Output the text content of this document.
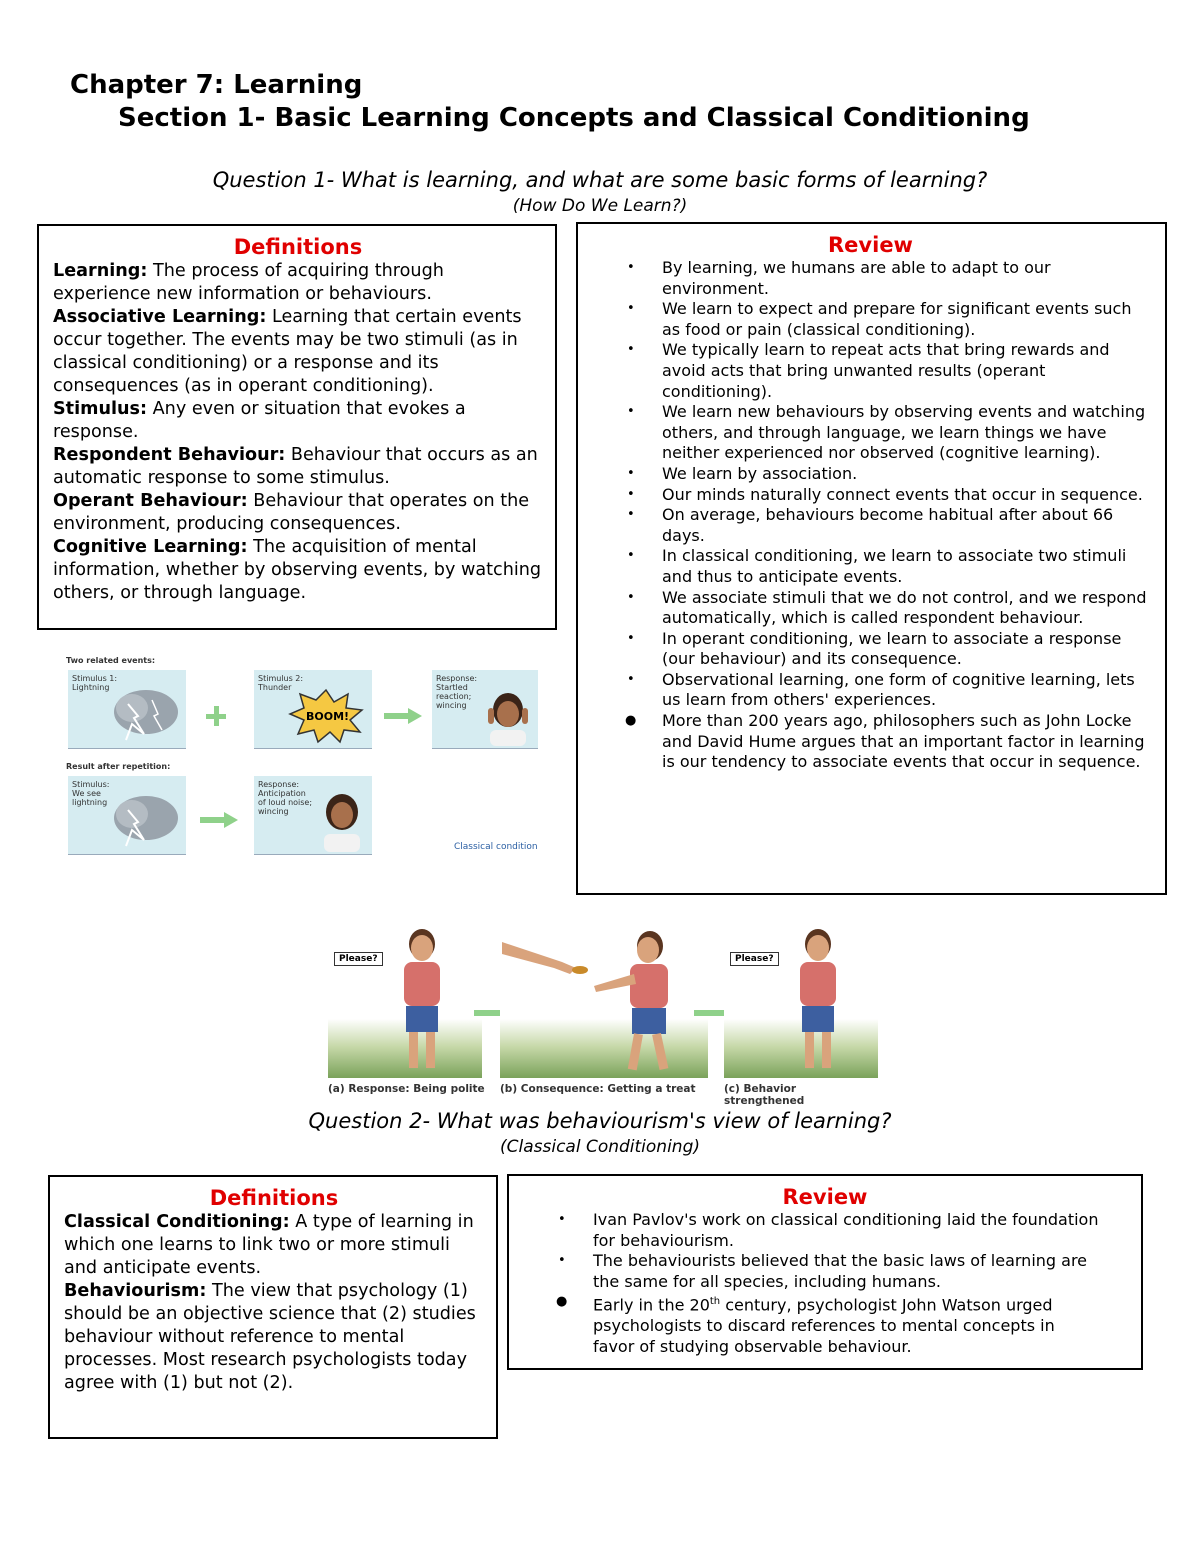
Chapter 7: Learning
Section 1- Basic Learning Concepts and Classical Conditioning
Question 1- What is learning, and what are some basic forms of learning?
(How Do We Learn?)
Definitions
Learning: The process of acquiring through experience new information or behaviours.
Associative Learning: Learning that certain events occur together. The events may be two stimuli (as in classical conditioning) or a response and its consequences (as in operant conditioning).
Stimulus: Any even or situation that evokes a response.
Respondent Behaviour: Behaviour that occurs as an automatic response to some stimulus.
Operant Behaviour: Behaviour that operates on the environment, producing consequences.
Cognitive Learning: The acquisition of mental information, whether by observing events, by watching others, or through language.
Review
• By learning, we humans are able to adapt to our environment.
• We learn to expect and prepare for significant events such as food or pain (classical conditioning).
• We typically learn to repeat acts that bring rewards and avoid acts that bring unwanted results (operant conditioning).
• We learn new behaviours by observing events and watching others, and through language, we learn things we have neither experienced nor observed (cognitive learning).
• We learn by association.
• Our minds naturally connect events that occur in sequence.
• On average, behaviours become habitual after about 66 days.
• In classical conditioning, we learn to associate two stimuli and thus to anticipate events.
• We associate stimuli that we do not control, and we respond automatically, which is called respondent behaviour.
• In operant conditioning, we learn to associate a response (our behaviour) and its consequence.
• Observational learning, one form of cognitive learning, lets us learn from others' experiences.
● More than 200 years ago, philosophers such as John Locke and David Hume argues that an important factor in learning is our tendency to associate events that occur in sequence.
Two related events:
Stimulus 1: Lightning
Stimulus 2: Thunder
BOOM!
Response: Startled reaction; wincing
Result after repetition:
Stimulus: We see lightning
Response: Anticipation of loud noise; wincing
Classical condition
Please?	Please?
(a) Response: Being polite (b) Consequence: Getting a treat	(c) Behavior strengthened
Question 2- What was behaviourism's view of learning?
(Classical Conditioning)
Definitions
Classical Conditioning: A type of learning in which one learns to link two or more stimuli and anticipate events.
Behaviourism: The view that psychology (1) should be an objective science that (2) studies behaviour without reference to mental processes. Most research psychologists today agree with (1) but not (2).
Review
• Ivan Pavlov's work on classical conditioning laid the foundation for behaviourism.
• The behaviourists believed that the basic laws of learning are the same for all species, including humans.
● Early in the 20th century, psychologist John Watson urged psychologists to discard references to mental concepts in favor of studying observable behaviour.
